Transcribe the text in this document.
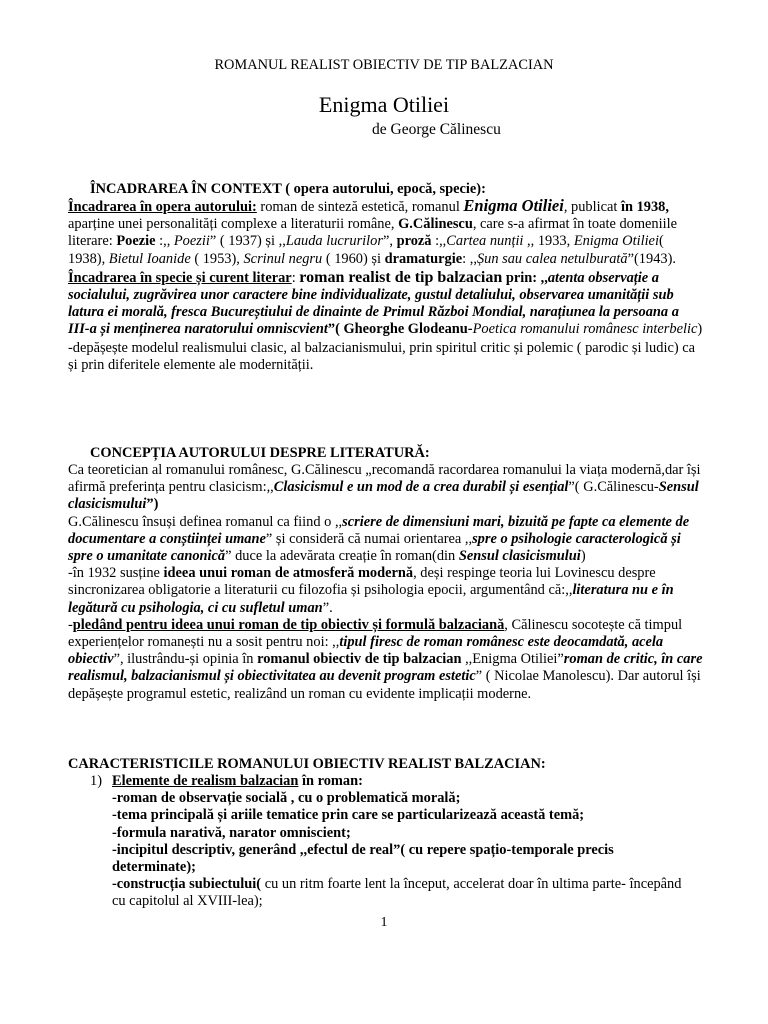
ROMANUL REALIST OBIECTIV DE TIP BALZACIAN
Enigma Otiliei
de George Călinescu
ÎNCADRAREA ÎN CONTEXT ( opera autorului, epocă, specie):

Încadrarea în opera autorului: roman de sinteză estetică, romanul Enigma Otiliei, publicat în 1938, aparține unei personalități complexe a literaturii române, G.Călinescu, care s-a afirmat în toate domeniile literare: Poezie :,, Poezii” ( 1937) și ,,Lauda lucrurilor”, proză :,,Cartea nunții ,, 1933, Enigma Otiliei( 1938), Bietul Ioanide ( 1953), Scrinul negru ( 1960) și dramaturgie: ,,Șun sau calea netulburată”(1943).

Încadrarea în specie și curent literar: roman realist de tip balzacian prin: ,,atenta observație a socialului, zugrăvirea unor caractere bine individualizate, gustul detaliului, observarea umanității sub latura ei morală, fresca Bucureștiului de dinainte de Primul Război Mondial, narațiunea la persoana a III-a și menținerea naratorului omniscvient”( Gheorghe Glodeanu-Poetica romanului românesc interbelic)

-depășește modelul realismului clasic, al balzacianismului, prin spiritul critic și polemic ( parodic și ludic) ca și prin diferitele elemente ale modernității.

CONCEPȚIA AUTORULUI DESPRE LITERATURĂ:

Ca teoretician al romanului românesc, G.Călinescu „recomandă racordarea romanului la viața modernă,dar își afirmă preferința pentru clasicism:,,Clasicismul e un mod de a crea durabil și esențial”( G.Călinescu-Sensul clasicismului”)

G.Călinescu însuși definea romanul ca fiind o ,,scriere de dimensiuni mari, bizuită pe fapte ca elemente de documentare a conștiinței umane” și consideră că numai orientarea ,,spre o psihologie caracterologică și spre o umanitate canonică” duce la adevărata creație în roman(din Sensul clasicismului)

-în 1932 susține ideea unui roman de atmosferă modernă, deși respinge teoria lui Lovinescu despre sincronizarea obligatorie a literaturii cu filozofia și psihologia epocii, argumentând că:,,literatura nu e în legătură cu psihologia, ci cu sufletul uman”.

-pledând pentru ideea unui roman de tip obiectiv și formulă balzaciană, Călinescu socotește că timpul experiențelor romanești nu a sosit pentru noi: ,,tipul firesc de roman românesc este deocamdată, acela obiectiv”, ilustrându-și opinia în romanul obiectiv de tip balzacian ,,Enigma Otiliei”roman de critic, în care realismul, balzacianismul și obiectivitatea au devenit program estetic” ( Nicolae Manolescu). Dar autorul își depășește programul estetic, realizând un roman cu evidente implicații moderne.

CARACTERISTICILE ROMANULUI OBIECTIV REALIST BALZACIAN:
1) Elemente de realism balzacian în roman:

-roman de observație socială , cu o problematică morală;

-tema principală și ariile tematice prin care se particularizează această temă;

-formula narativă, narator omniscient;

-incipitul descriptiv, generând ,,efectul de real”( cu repere spațio-temporale precis determinate);

-construcția subiectului( cu un ritm foarte lent la început, accelerat doar în ultima parte- începând cu capitolul al XVIII-lea);

1
